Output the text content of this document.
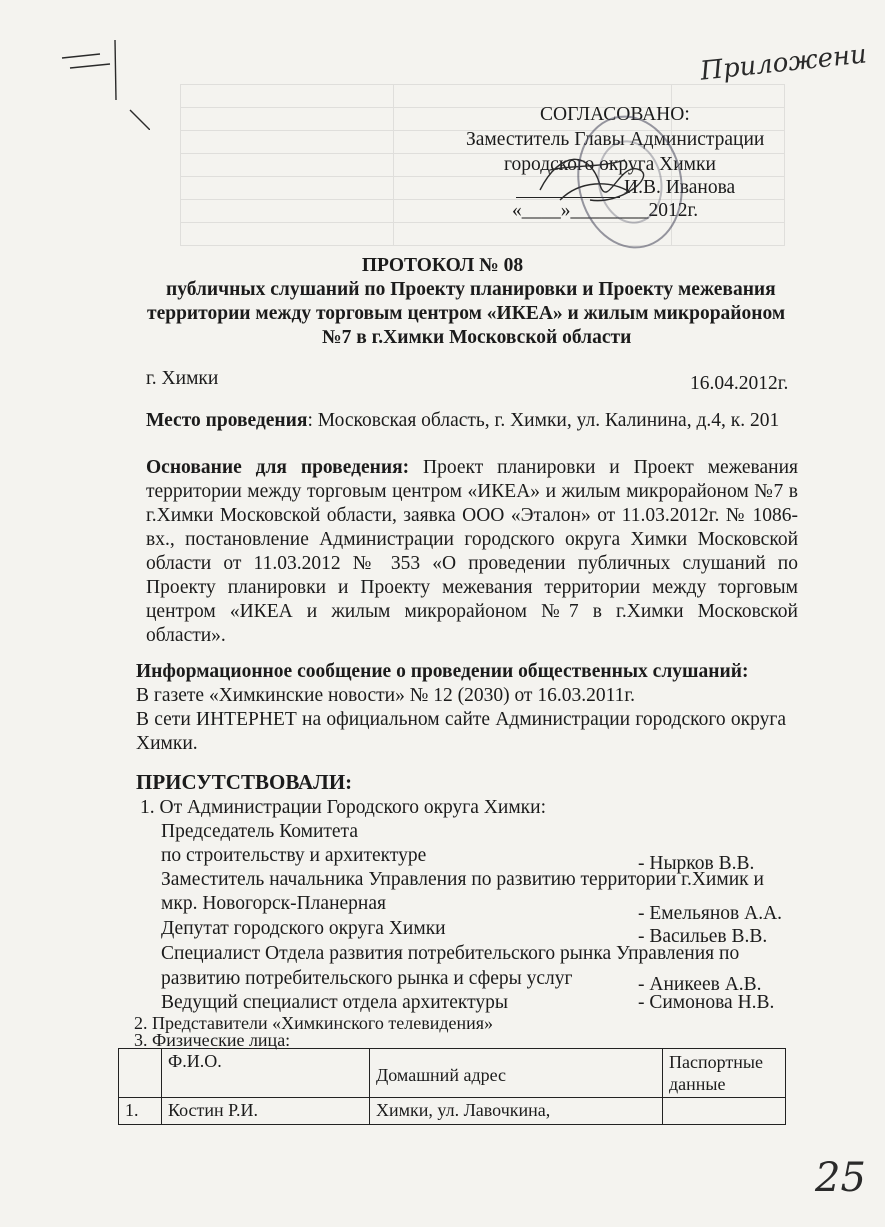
Приложени
СОГЛАСОВАНО:
Заместитель Главы Администрации
городского округа Химки
И.В. Иванова
«____»________2012г.
ПРОТОКОЛ № 08
публичных слушаний по Проекту планировки и Проекту межевания
территории между торговым центром «ИКЕА» и жилым микрорайоном
№7 в г.Химки Московской области
г. Химки	16.04.2012г.
Место проведения: Московская область, г. Химки, ул. Калинина, д.4, к. 201
Основание для проведения: Проект планировки и Проект межевания территории между торговым центром «ИКЕА» и жилым микрорайоном №7 в г.Химки Московской области, заявка ООО «Эталон» от 11.03.2012г. № 1086-вх., постановление Администрации городского округа Химки Московской области от 11.03.2012 № 353 «О проведении публичных слушаний по Проекту планировки и Проекту межевания территории между торговым центром «ИКЕА и жилым микрорайоном №7 в г.Химки Московской области».
Информационное сообщение о проведении общественных слушаний:
В газете «Химкинские новости» № 12 (2030) от 16.03.2011г.
В сети ИНТЕРНЕТ на официальном сайте Администрации городского округа Химки.
ПРИСУТСТВОВАЛИ:
1. От Администрации Городского округа Химки:
Председатель Комитета
по строительству и архитектуре	- Нырков В.В.
Заместитель начальника Управления по развитию территории г.Химик и
мкр. Новогорск-Планерная	- Емельянов А.А.
Депутат городского округа Химки	- Васильев В.В.
Специалист Отдела развития потребительского рынка Управления по
развитию потребительского рынка и сферы услуг	- Аникеев А.В.
Ведущий специалист отдела архитектуры	- Симонова Н.В.
2. Представители «Химкинского телевидения»
3. Физические лица:
	Ф.И.О.	Домашний адрес	Паспортные данные
1.	Костин Р.И.	Химки, ул. Лавочкина,	
25
